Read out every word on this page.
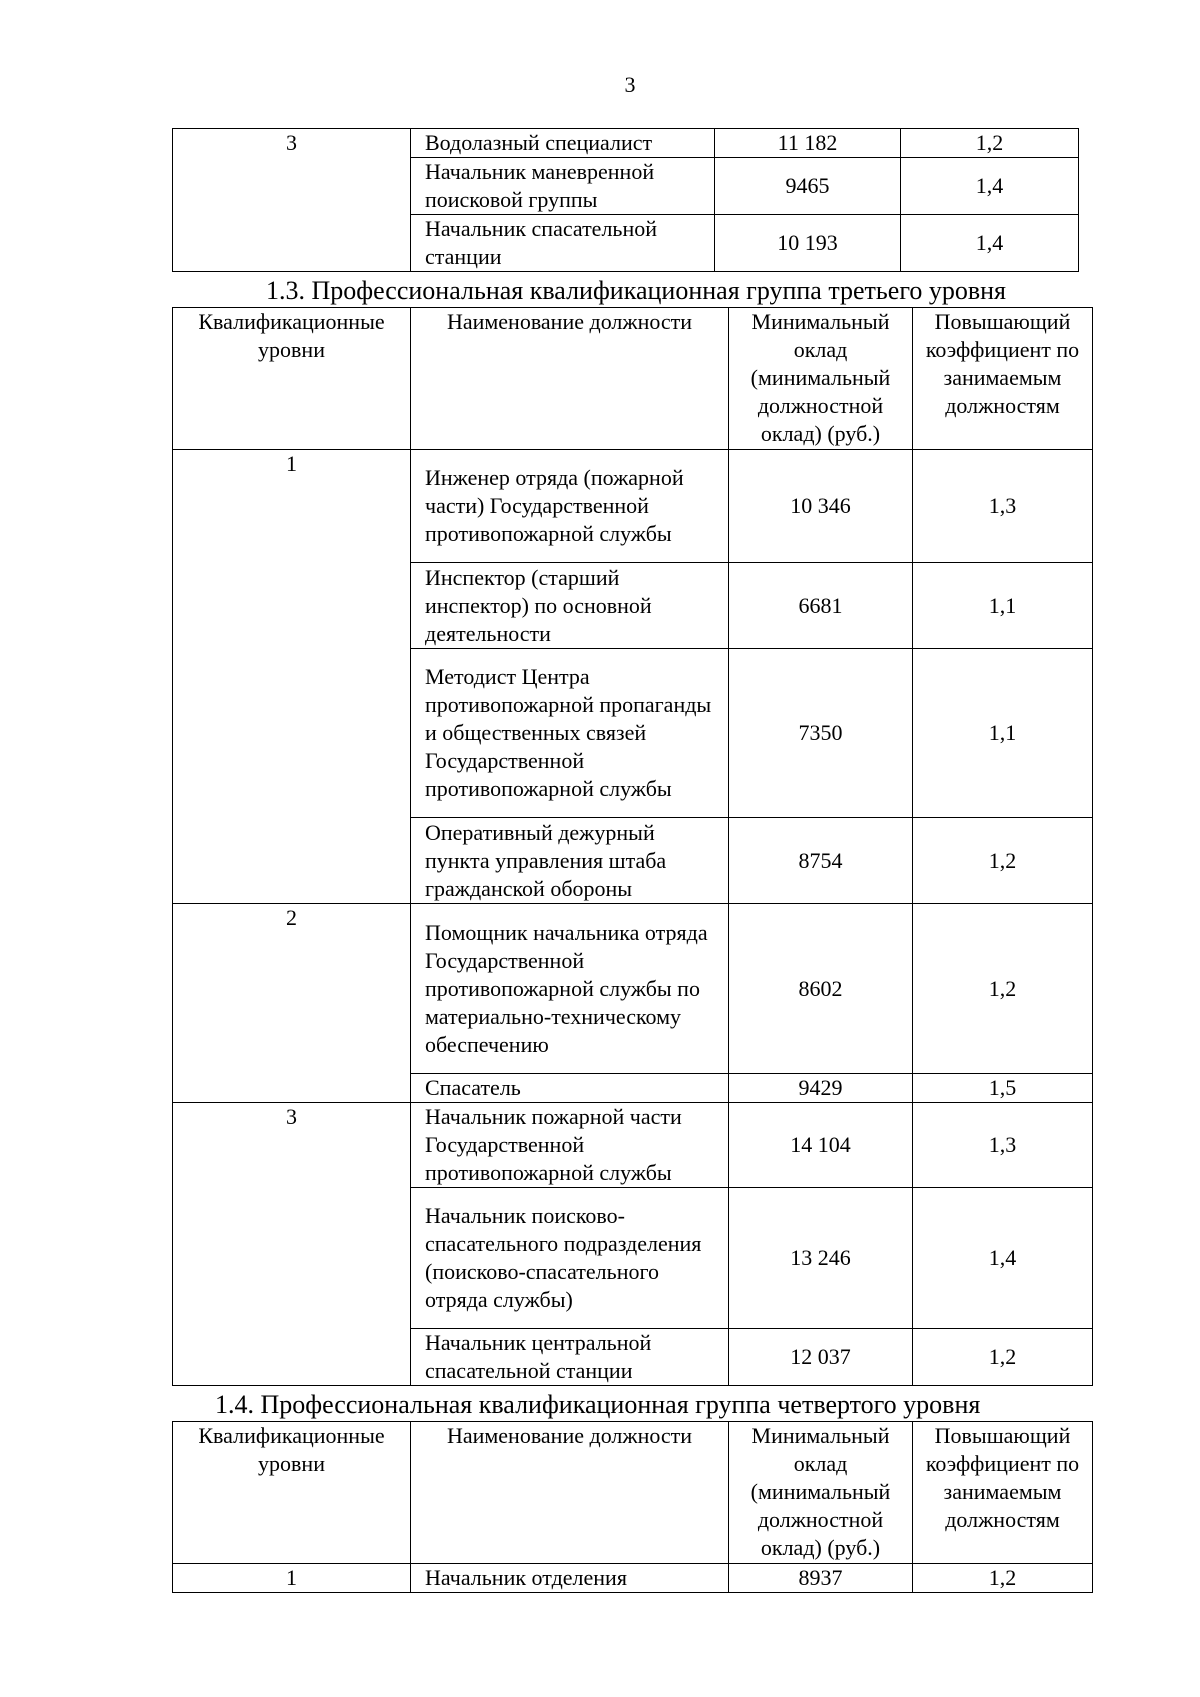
3
3	Водолазный специалист	11 182	1,2
	Начальник маневренной поисковой группы	9465	1,4
	Начальник спасательной станции	10 193	1,4
1.3. Профессиональная квалификационная группа третьего уровня
Квалификационные уровни	Наименование должности	Минимальный оклад (минимальный должностной оклад) (руб.)	Повышающий коэффициент по занимаемым должностям
1	Инженер отряда (пожарной части) Государственной противопожарной службы	10 346	1,3
	Инспектор (старший инспектор) по основной деятельности	6681	1,1
	Методист Центра противопожарной пропаганды и общественных связей Государственной противопожарной службы	7350	1,1
	Оперативный дежурный пункта управления штаба гражданской обороны	8754	1,2
2	Помощник начальника отряда Государственной противопожарной службы по материально-техническому обеспечению	8602	1,2
	Спасатель	9429	1,5
3	Начальник пожарной части Государственной противопожарной службы	14 104	1,3
	Начальник поисково-спасательного подразделения (поисково-спасательного отряда службы)	13 246	1,4
	Начальник центральной спасательной станции	12 037	1,2
1.4. Профессиональная квалификационная группа четвертого уровня
Квалификационные уровни	Наименование должности	Минимальный оклад (минимальный должностной оклад) (руб.)	Повышающий коэффициент по занимаемым должностям
1	Начальник отделения	8937	1,2
